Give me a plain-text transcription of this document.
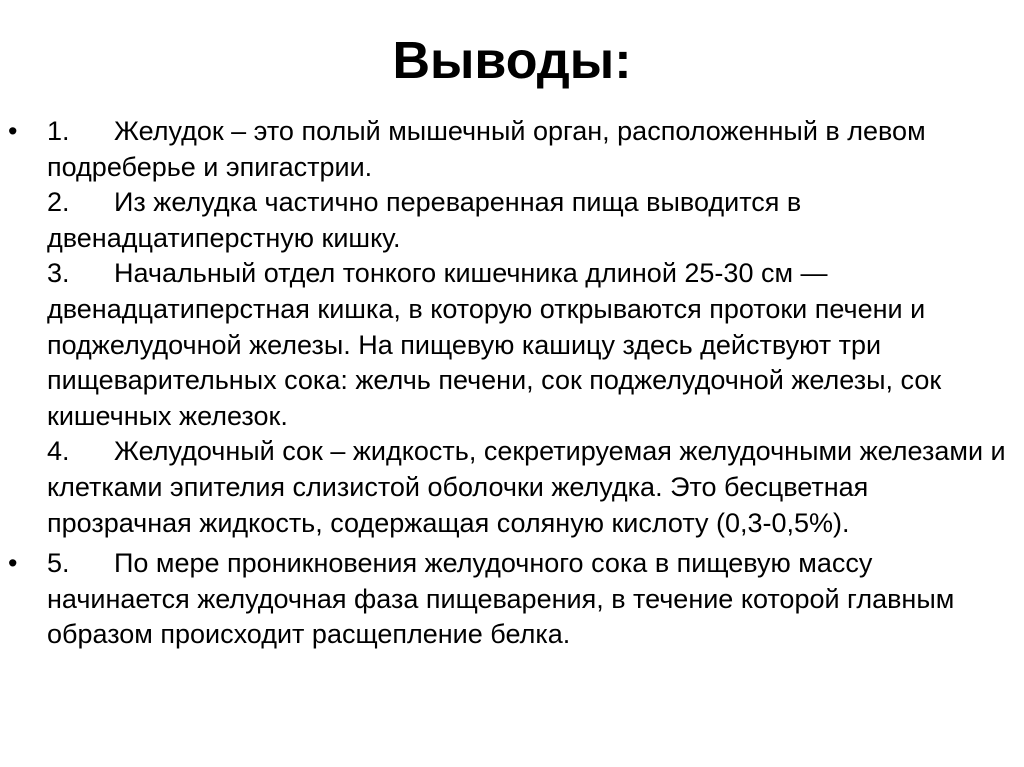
Выводы:
• 1. Желудок – это полый мышечный орган, расположенный в левом подреберье и эпигастрии.
2. Из желудка частично переваренная пища выводится в двенадцатиперстную кишку.
3. Начальный отдел тонкого кишечника длиной 25-30 см — двенадцатиперстная кишка, в которую открываются протоки печени и поджелудочной железы. На пищевую кашицу здесь действуют три пищеварительных сока: желчь печени, сок поджелудочной железы, сок кишечных железок.
4. Желудочный сок – жидкость, секретируемая желудочными железами и клетками эпителия слизистой оболочки желудка. Это бесцветная прозрачная жидкость, содержащая соляную кислоту (0,3-0,5%).
• 5. По мере проникновения желудочного сока в пищевую массу начинается желудочная фаза пищеварения, в течение которой главным образом происходит расщепление белка.
